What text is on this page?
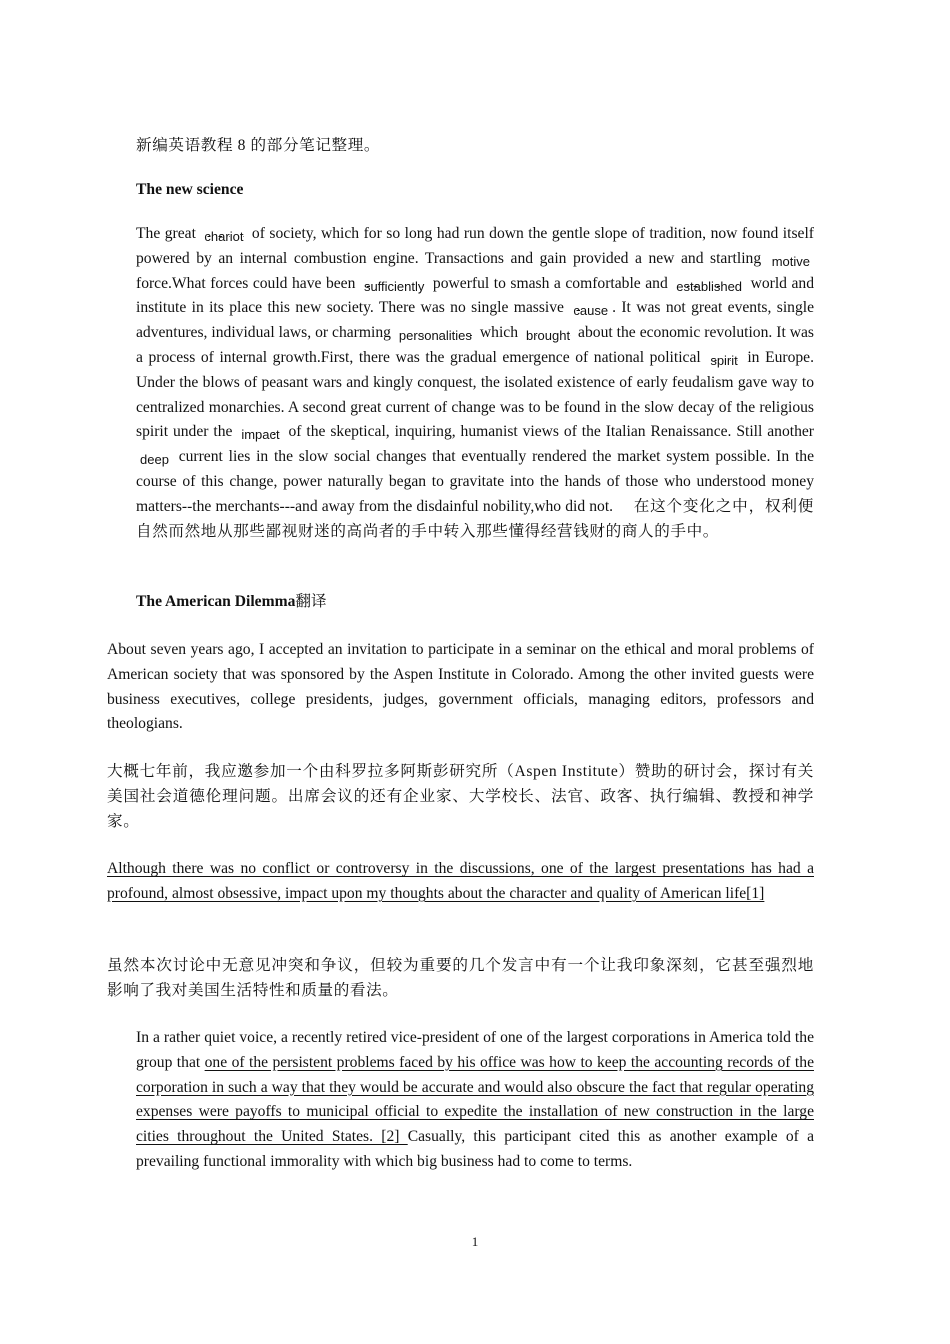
新编英语教程 8 的部分笔记整理。
The new science

The great chariot of society, which for so long had run down the gentle slope of tradition, now found itself powered by an internal combustion engine. Transactions and gain provided a new and startling motive force.What forces could have been sufficiently powerful to smash a comfortable and established world and institute in its place this new society. There was no single massive cause . It was not great events, single adventures, individual laws, or charming personalities which brought about the economic revolution. It was a process of internal growth.First, there was the gradual emergence of national political spirit in Europe. Under the blows of peasant wars and kingly conquest, the isolated existence of early feudalism gave way to centralized monarchies. A second great current of change was to be found in the slow decay of the religious spirit under the impact of the skeptical, inquiring, humanist views of the Italian Renaissance. Still another deep current lies in the slow social changes that eventually rendered the market system possible. In the course of this change, power naturally began to gravitate into the hands of those who understood money matters--the merchants---and away from the disdainful nobility,who did not. 在这个变化之中，权利便自然而然地从那些鄙视财迷的高尚者的手中转入那些懂得经营钱财的商人的手中。

The American Dilemma翻译

About seven years ago, I accepted an invitation to participate in a seminar on the ethical and moral problems of American society that was sponsored by the Aspen Institute in Colorado. Among the other invited guests were business executives, college presidents, judges, government officials, managing editors, professors and theologians.

大概七年前，我应邀参加一个由科罗拉多阿斯彭研究所（Aspen Institute）赞助的研讨会，探讨有关美国社会道德伦理问题。出席会议的还有企业家、大学校长、法官、政客、执行编辑、教授和神学家。

Although there was no conflict or controversy in the discussions, one of the largest presentations has had a profound, almost obsessive, impact upon my thoughts about the character and quality of American life[1]

虽然本次讨论中无意见冲突和争议，但较为重要的几个发言中有一个让我印象深刻，它甚至强烈地影响了我对美国生活特性和质量的看法。

In a rather quiet voice, a recently retired vice-president of one of the largest corporations in America told the group that one of the persistent problems faced by his office was how to keep the accounting records of the corporation in such a way that they would be accurate and would also obscure the fact that regular operating expenses were payoffs to municipal official to expedite the installation of new construction in the large cities throughout the United States. [2] Casually, this participant cited this as another example of a prevailing functional immorality with which big business had to come to terms.

1
